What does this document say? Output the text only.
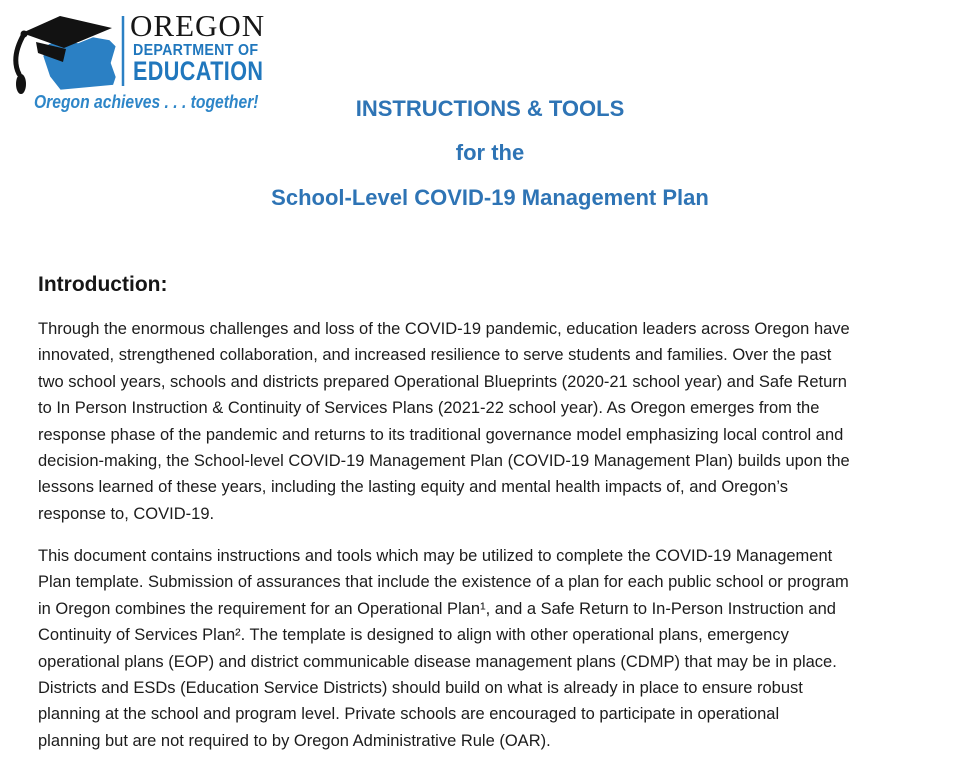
OREGON
DEPARTMENT OF
EDUCATION
Oregon achieves . . . together!	INSTRUCTIONS & TOOLS
for the
School-Level COVID-19 Management Plan
Introduction:
Through the enormous challenges and loss of the COVID-19 pandemic, education leaders across Oregon have
innovated, strengthened collaboration, and increased resilience to serve students and families. Over the past
two school years, schools and districts prepared Operational Blueprints (2020-21 school year) and Safe Return
to In Person Instruction & Continuity of Services Plans (2021-22 school year). As Oregon emerges from the
response phase of the pandemic and returns to its traditional governance model emphasizing local control and
decision-making, the School-level COVID-19 Management Plan (COVID-19 Management Plan) builds upon the
lessons learned of these years, including the lasting equity and mental health impacts of, and Oregon’s
response to, COVID-19.
This document contains instructions and tools which may be utilized to complete the COVID-19 Management
Plan template. Submission of assurances that include the existence of a plan for each public school or program
in Oregon combines the requirement for an Operational Plan¹, and a Safe Return to In-Person Instruction and
Continuity of Services Plan². The template is designed to align with other operational plans, emergency
operational plans (EOP) and district communicable disease management plans (CDMP) that may be in place.
Districts and ESDs (Education Service Districts) should build on what is already in place to ensure robust
planning at the school and program level. Private schools are encouraged to participate in operational
planning but are not required to by Oregon Administrative Rule (OAR).
